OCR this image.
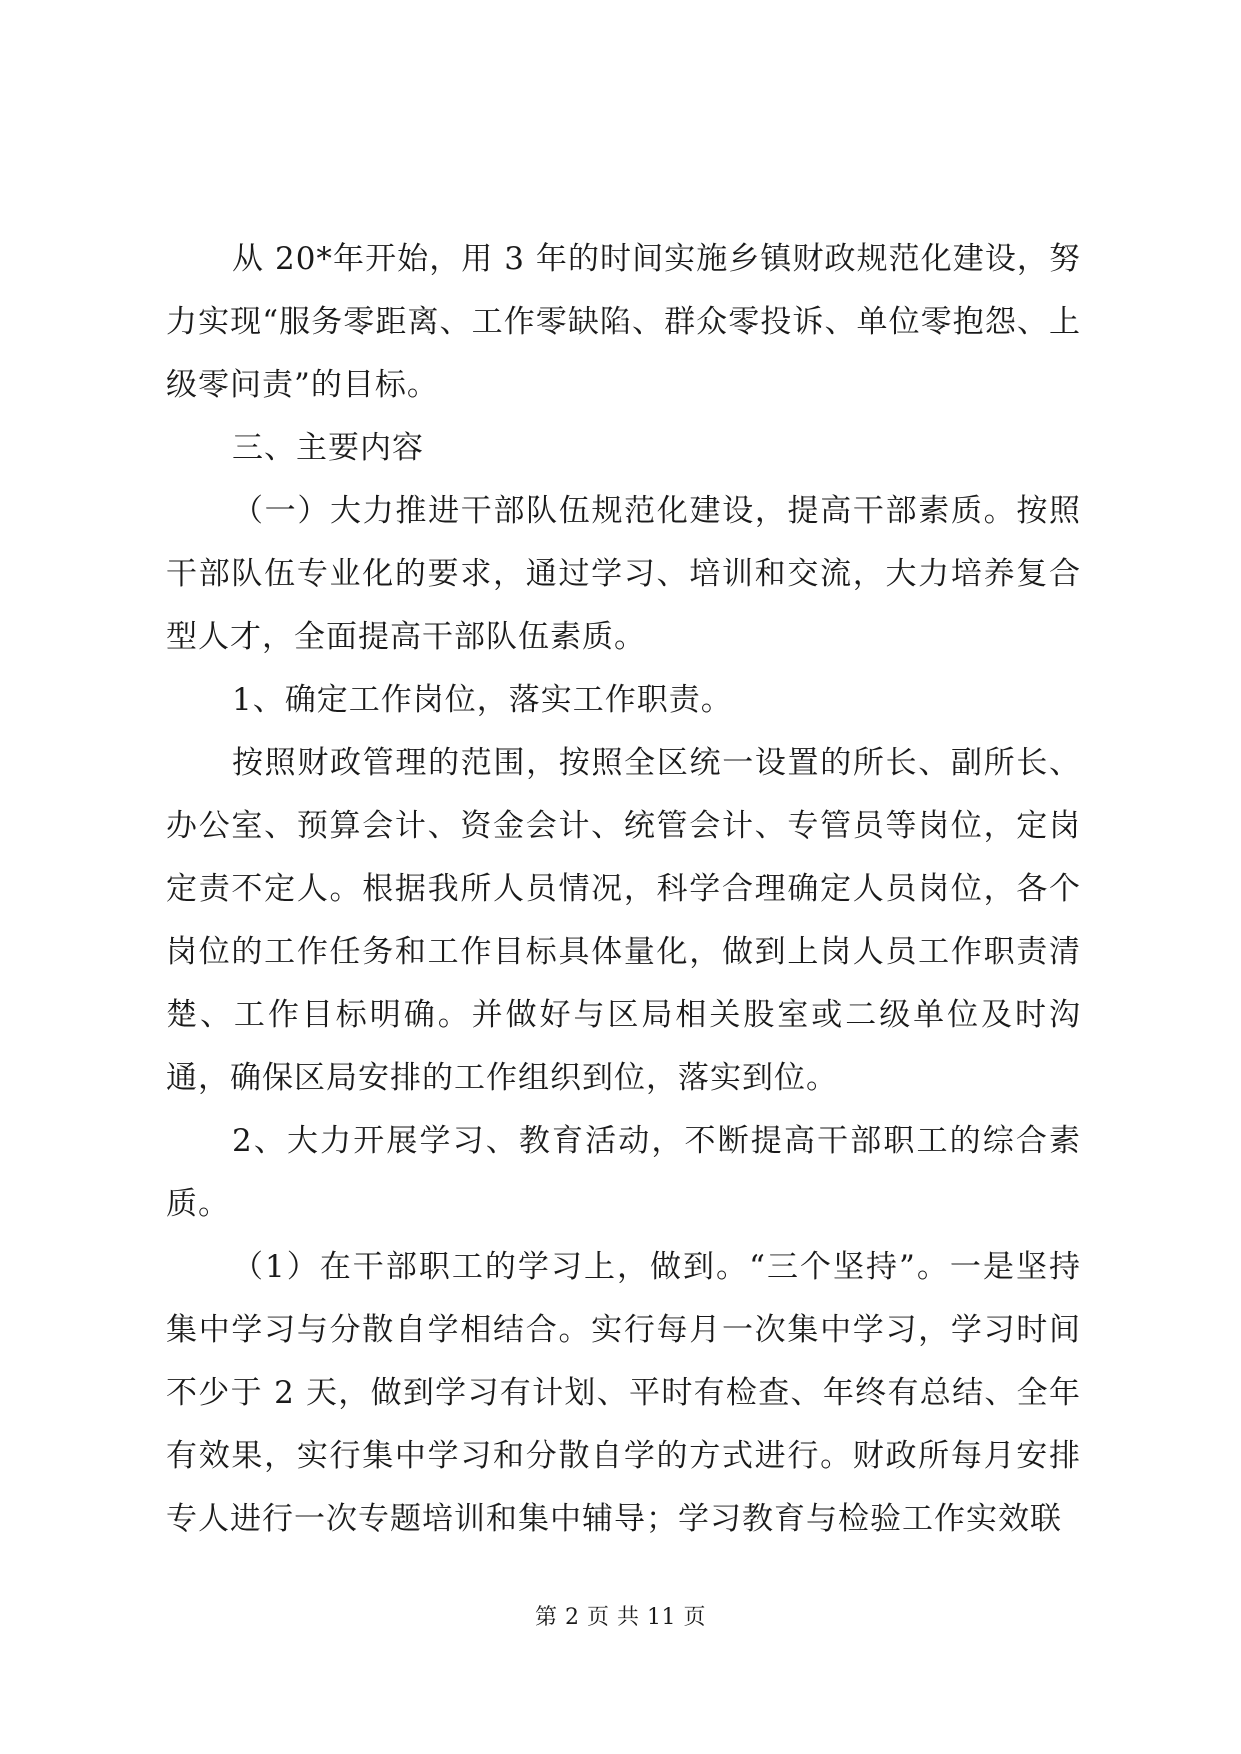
从 20*年开始，用 3 年的时间实施乡镇财政规范化建设，努力实现“服务零距离、工作零缺陷、群众零投诉、单位零抱怨、上级零问责”的目标。

三、主要内容

（一）大力推进干部队伍规范化建设，提高干部素质。按照干部队伍专业化的要求，通过学习、培训和交流，大力培养复合型人才，全面提高干部队伍素质。

1、确定工作岗位，落实工作职责。

按照财政管理的范围，按照全区统一设置的所长、副所长、办公室、预算会计、资金会计、统管会计、专管员等岗位，定岗定责不定人。根据我所人员情况，科学合理确定人员岗位，各个岗位的工作任务和工作目标具体量化，做到上岗人员工作职责清楚、工作目标明确。并做好与区局相关股室或二级单位及时沟通，确保区局安排的工作组织到位，落实到位。

2、大力开展学习、教育活动，不断提高干部职工的综合素质。

（1）在干部职工的学习上，做到。“三个坚持”。一是坚持集中学习与分散自学相结合。实行每月一次集中学习，学习时间不少于 2 天，做到学习有计划、平时有检查、年终有总结、全年有效果，实行集中学习和分散自学的方式进行。财政所每月安排专人进行一次专题培训和集中辅导；学习教育与检验工作实效联

第 2 页 共 11 页
